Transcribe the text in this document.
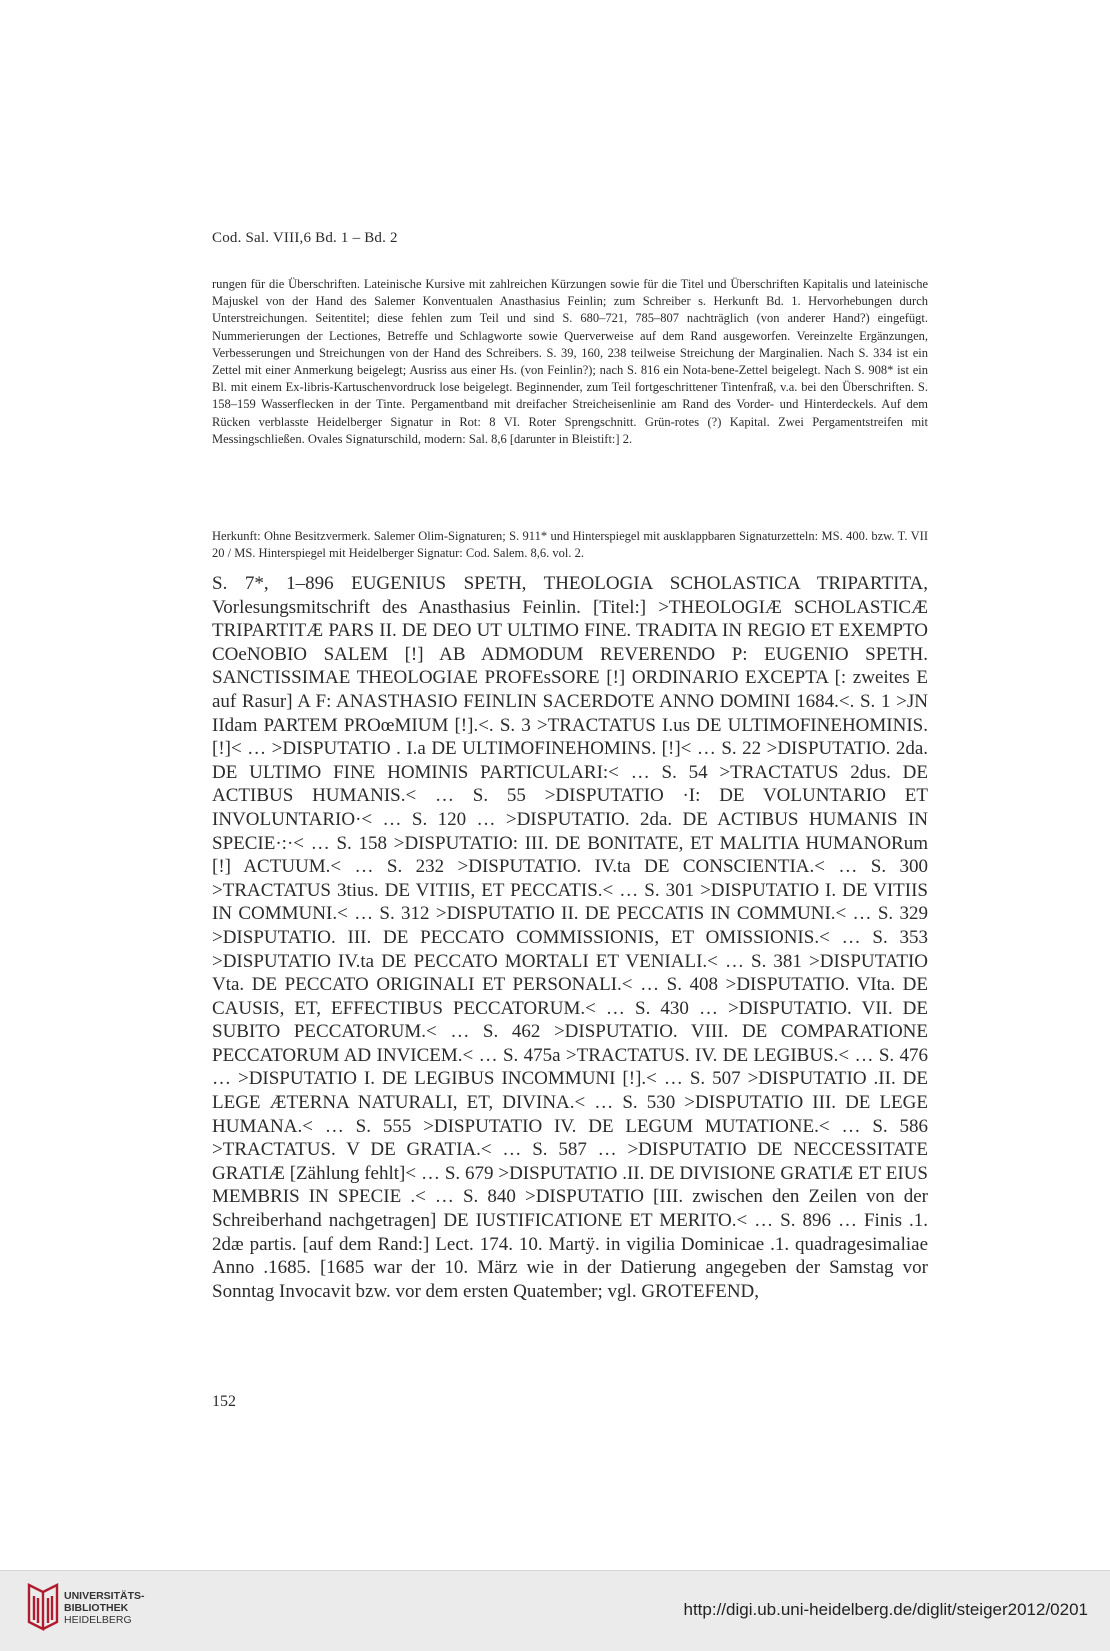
Cod. Sal. VIII,6 Bd. 1 – Bd. 2

rungen für die Überschriften. Lateinische Kursive mit zahlreichen Kürzungen sowie für die Titel und Überschriften Kapitalis und lateinische Majuskel von der Hand des Salemer Konventualen Anasthasius Feinlin; zum Schreiber s. Herkunft Bd. 1. Hervorhebungen durch Unterstreichungen. Seitentitel; diese fehlen zum Teil und sind S. 680–721, 785–807 nachträglich (von anderer Hand?) eingefügt. Nummerierungen der Lectiones, Betreffe und Schlagworte sowie Querverweise auf dem Rand ausgeworfen. Vereinzelte Ergänzungen, Verbesserungen und Streichungen von der Hand des Schreibers. S. 39, 160, 238 teilweise Streichung der Marginalien. Nach S. 334 ist ein Zettel mit einer Anmerkung beigelegt; Ausriss aus einer Hs. (von Feinlin?); nach S. 816 ein Nota-bene-Zettel beigelegt. Nach S. 908* ist ein Bl. mit einem Ex-libris-Kartuschenvordruck lose beigelegt. Beginnender, zum Teil fortgeschrittener Tintenfraß, v.a. bei den Überschriften. S. 158–159 Wasserflecken in der Tinte. Pergamentband mit dreifacher Streicheisenlinie am Rand des Vorder- und Hinterdeckels. Auf dem Rücken verblasste Heidelberger Signatur in Rot: 8 VI. Roter Sprengschnitt. Grün-rotes (?) Kapital. Zwei Pergamentstreifen mit Messingschließen. Ovales Signaturschild, modern: Sal. 8,6 [darunter in Bleistift:] 2.

Herkunft: Ohne Besitzvermerk. Salemer Olim-Signaturen; S. 911* und Hinterspiegel mit ausklappbaren Signaturzetteln: MS. 400. bzw. T. VII 20 / MS. Hinterspiegel mit Heidelberger Signatur: Cod. Salem. 8,6. vol. 2.

S. 7*, 1–896 EUGENIUS SPETH, THEOLOGIA SCHOLASTICA TRIPARTITA, Vorlesungsmitschrift des Anasthasius Feinlin. [Titel:] >THEOLOGIÆ SCHOLASTICÆ TRIPARTITÆ PARS II. DE DEO UT ULTIMO FINE. TRADITA IN REGIO ET EXEMPTO COeNOBIO SALEM [!] AB ADMODUM REVERENDO P: EUGENIO SPETH. SANCTISSIMAE THEOLOGIAE PROFEsSORE [!] ORDINARIO EXCEPTA [: zweites E auf Rasur] A F: ANASTHASIO FEINLIN SACERDOTE ANNO DOMINI 1684.<. S. 1 >JN IIdam PARTEM PROœMIUM [!].<. S. 3 >TRACTATUS I.us DE ULTIMOFINEHOMINIS. [!]< … >DISPUTATIO . I.a DE ULTIMOFINEHOMINS. [!]< … S. 22 >DISPUTATIO. 2da. DE ULTIMO FINE HOMINIS PARTICULARI:< … S. 54 >TRACTATUS 2dus. DE ACTIBUS HUMANIS.< … S. 55 >DISPUTATIO ·I: DE VOLUNTARIO ET INVOLUNTARIO·< … S. 120 … >DISPUTATIO. 2da. DE ACTIBUS HUMANIS IN SPECIE·:·< … S. 158 >DISPUTATIO: III. DE BONITATE, ET MALITIA HUMANORum [!] ACTUUM.< … S. 232 >DISPUTATIO. IV.ta DE CONSCIENTIA.< … S. 300 >TRACTATUS 3tius. DE VITIIS, ET PECCATIS.< … S. 301 >DISPUTATIO I. DE VITIIS IN COMMUNI.< … S. 312 >DISPUTATIO II. DE PECCATIS IN COMMUNI.< … S. 329 >DISPUTATIO. III. DE PECCATO COMMISSIONIS, ET OMISSIONIS.< … S. 353 >DISPUTATIO IV.ta DE PECCATO MORTALI ET VENIALI.< … S. 381 >DISPUTATIO Vta. DE PECCATO ORIGINALI ET PERSONALI.< … S. 408 >DISPUTATIO. VIta. DE CAUSIS, ET, EFFECTIBUS PECCATORUM.< … S. 430 … >DISPUTATIO. VII. DE SUBITO PECCATORUM.< … S. 462 >DISPUTATIO. VIII. DE COMPARATIONE PECCATORUM AD INVICEM.< … S. 475a >TRACTATUS. IV. DE LEGIBUS.< … S. 476 … >DISPUTATIO I. DE LEGIBUS INCOMMUNI [!].< … S. 507 >DISPUTATIO .II. DE LEGE ÆTERNA NATURALI, ET, DIVINA.< … S. 530 >DISPUTATIO III. DE LEGE HUMANA.< … S. 555 >DISPUTATIO IV. DE LEGUM MUTATIONE.< … S. 586 >TRACTATUS. V DE GRATIA.< … S. 587 … >DISPUTATIO DE NECCESSITATE GRATIÆ [Zählung fehlt]< … S. 679 >DISPUTATIO .II. DE DIVISIONE GRATIÆ ET EIUS MEMBRIS IN SPECIE .< … S. 840 >DISPUTATIO [III. zwischen den Zeilen von der Schreiberhand nachgetragen] DE IUSTIFICATIONE ET MERITO.< … S. 896 … Finis .1. 2dæ partis. [auf dem Rand:] Lect. 174. 10. Martÿ. in vigilia Dominicae .1. quadragesimaliae Anno .1685. [1685 war der 10. März wie in der Datierung angegeben der Samstag vor Sonntag Invocavit bzw. vor dem ersten Quatember; vgl. GROTEFEND,

152
UNIVERSITÄTS-
BIBLIOTHEK
HEIDELBERG
http://digi.ub.uni-heidelberg.de/diglit/steiger2012/0201
